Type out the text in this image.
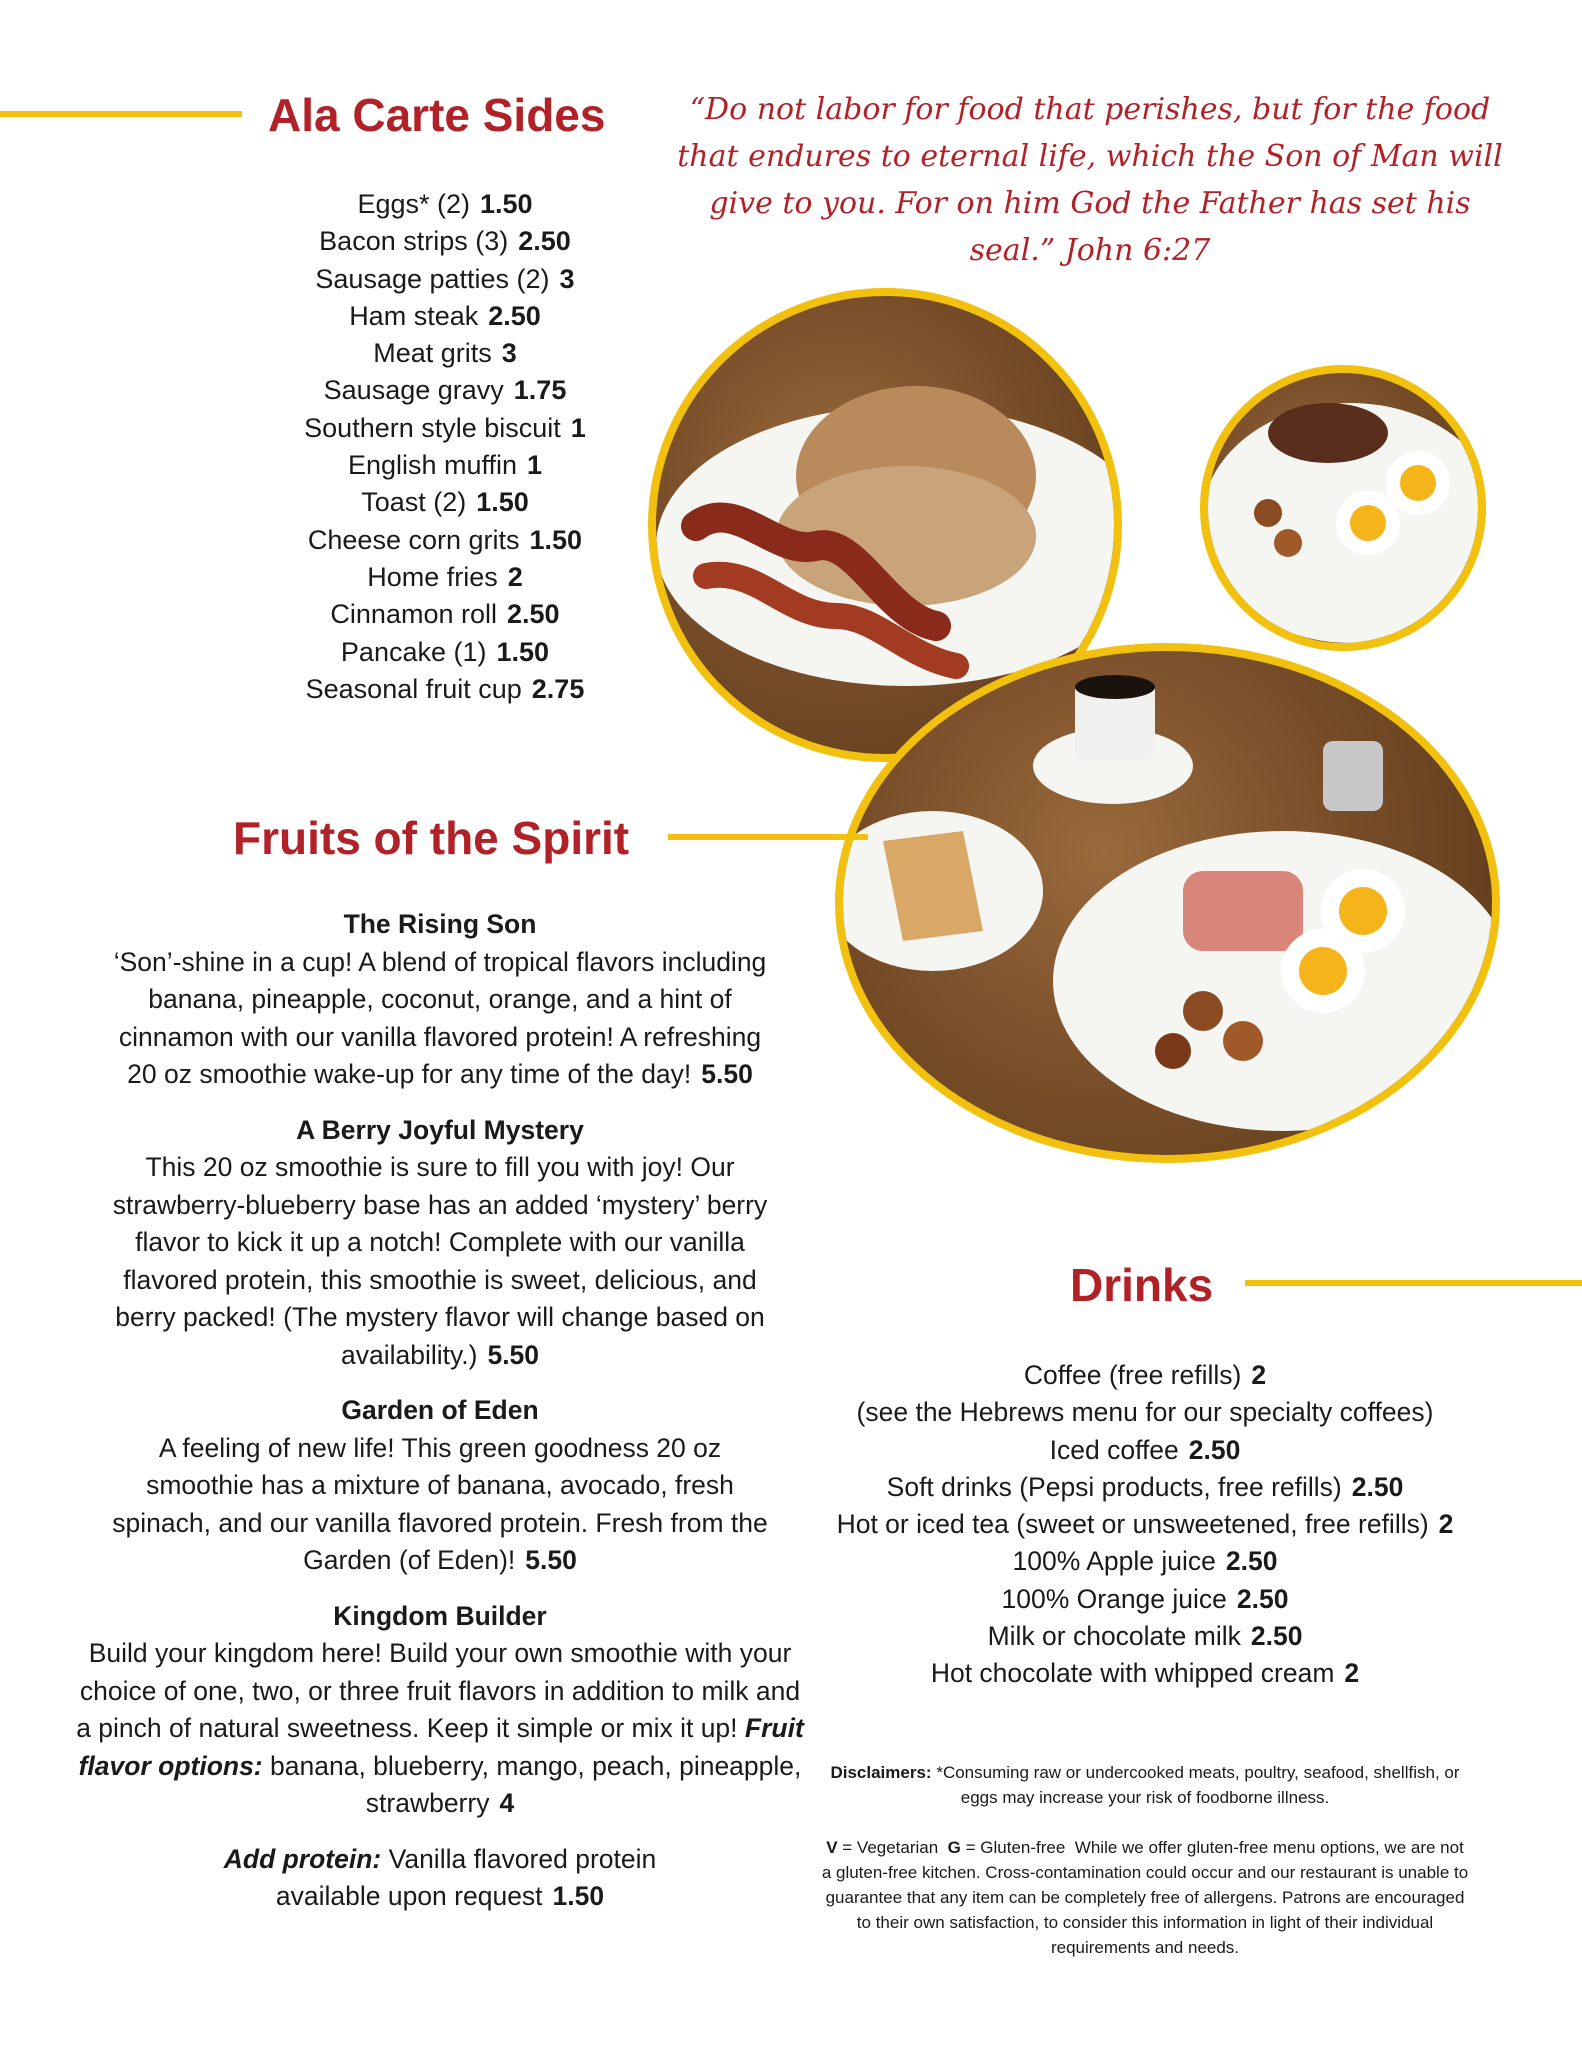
Ala Carte Sides	“Do not labor for food that perishes, but for the food that endures to eternal life, which the Son of Man will give to you. For on him God the Father has set his seal.” John 6:27
Eggs* (2) 1.50
Bacon strips (3) 2.50
Sausage patties (2) 3
Ham steak 2.50
Meat grits 3
Sausage gravy 1.75
Southern style biscuit 1
English muffin 1
Toast (2) 1.50
Cheese corn grits 1.50
Home fries 2
Cinnamon roll 2.50
Pancake (1) 1.50
Seasonal fruit cup 2.75
Fruits of the Spirit
The Rising Son
‘Son’-shine in a cup! A blend of tropical flavors including banana, pineapple, coconut, orange, and a hint of cinnamon with our vanilla flavored protein! A refreshing 20 oz smoothie wake-up for any time of the day! 5.50
A Berry Joyful Mystery
This 20 oz smoothie is sure to fill you with joy! Our strawberry-blueberry base has an added ‘mystery’ berry flavor to kick it up a notch! Complete with our vanilla flavored protein, this smoothie is sweet, delicious, and berry packed! (The mystery flavor will change based on availability.) 5.50
Garden of Eden
A feeling of new life! This green goodness 20 oz smoothie has a mixture of banana, avocado, fresh spinach, and our vanilla flavored protein. Fresh from the Garden (of Eden)! 5.50
Kingdom Builder
Build your kingdom here! Build your own smoothie with your choice of one, two, or three fruit flavors in addition to milk and a pinch of natural sweetness. Keep it simple or mix it up! Fruit flavor options: banana, blueberry, mango, peach, pineapple, strawberry 4
Add protein: Vanilla flavored protein available upon request 1.50
Drinks
Coffee (free refills) 2
(see the Hebrews menu for our specialty coffees)
Iced coffee 2.50
Soft drinks (Pepsi products, free refills) 2.50
Hot or iced tea (sweet or unsweetened, free refills) 2
100% Apple juice 2.50
100% Orange juice 2.50
Milk or chocolate milk 2.50
Hot chocolate with whipped cream 2
Disclaimers: *Consuming raw or undercooked meats, poultry, seafood, shellfish, or eggs may increase your risk of foodborne illness.
V = Vegetarian G = Gluten-free While we offer gluten-free menu options, we are not a gluten-free kitchen. Cross-contamination could occur and our restaurant is unable to guarantee that any item can be completely free of allergens. Patrons are encouraged to their own satisfaction, to consider this information in light of their individual requirements and needs.
